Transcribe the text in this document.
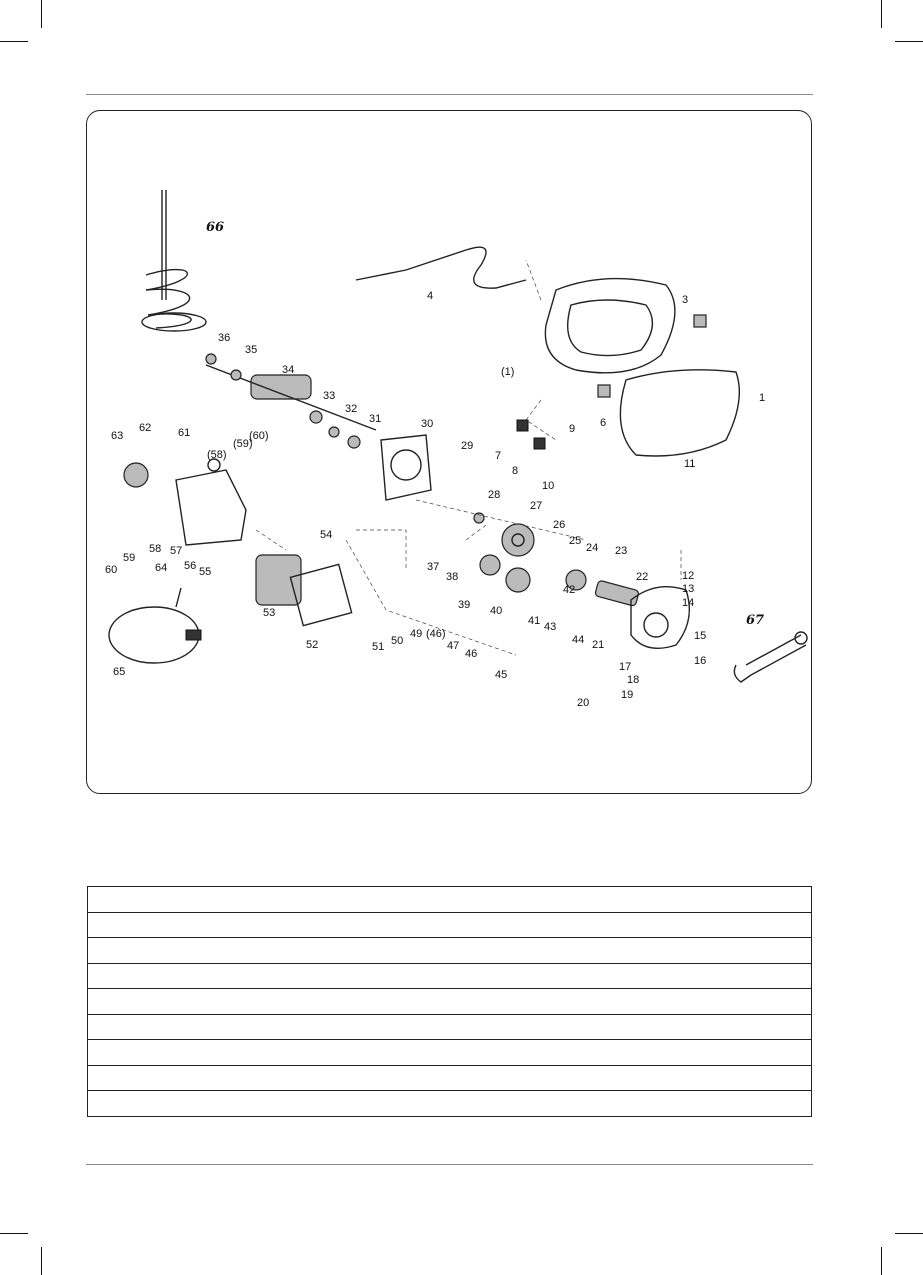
1
(1)
3
4
6
7
8
9
10
11
12
13
14
15
16
17
18
19
20
21
22
23
24
25
26
27
28
29
30
31
32
33
34
35
36
37
38
39 40
41
42
43
44
45
46
(46)
47
49
50
51
52
53
54
55
56
57
58
(58)
59
(59)
60
(60)
61
62
63
64
65
66
67
